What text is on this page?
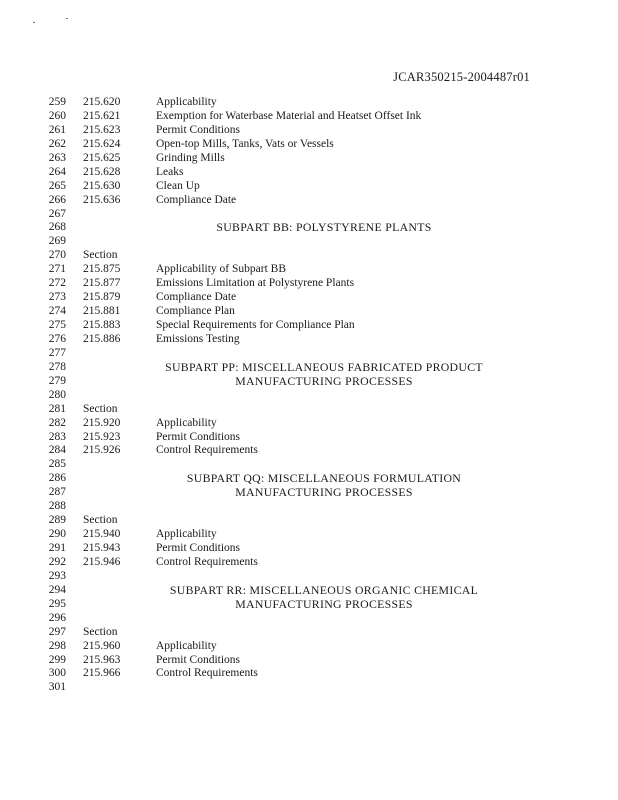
JCAR350215-2004487r01
259 215.620	Applicability
260 215.621	Exemption for Waterbase Material and Heatset Offset Ink
261 215.623	Permit Conditions
262 215.624	Open-top Mills, Tanks, Vats or Vessels
263 215.625	Grinding Mills
264 215.628	Leaks
265 215.630	Clean Up
266 215.636	Compliance Date
267
268	SUBPART BB: POLYSTYRENE PLANTS
269
270 Section
271 215.875	Applicability of Subpart BB
272 215.877	Emissions Limitation at Polystyrene Plants
273 215.879	Compliance Date
274 215.881	Compliance Plan
275 215.883	Special Requirements for Compliance Plan
276 215.886	Emissions Testing
277
278	SUBPART PP: MISCELLANEOUS FABRICATED PRODUCT
279	MANUFACTURING PROCESSES
280
281 Section
282 215.920	Applicability
283 215.923	Permit Conditions
284 215.926	Control Requirements
285
286	SUBPART QQ: MISCELLANEOUS FORMULATION
287	MANUFACTURING PROCESSES
288
289 Section
290 215.940	Applicability
291 215.943	Permit Conditions
292 215.946	Control Requirements
293
294	SUBPART RR: MISCELLANEOUS ORGANIC CHEMICAL
295	MANUFACTURING PROCESSES
296
297 Section
298 215.960	Applicability
299 215.963	Permit Conditions
300 215.966	Control Requirements
301
